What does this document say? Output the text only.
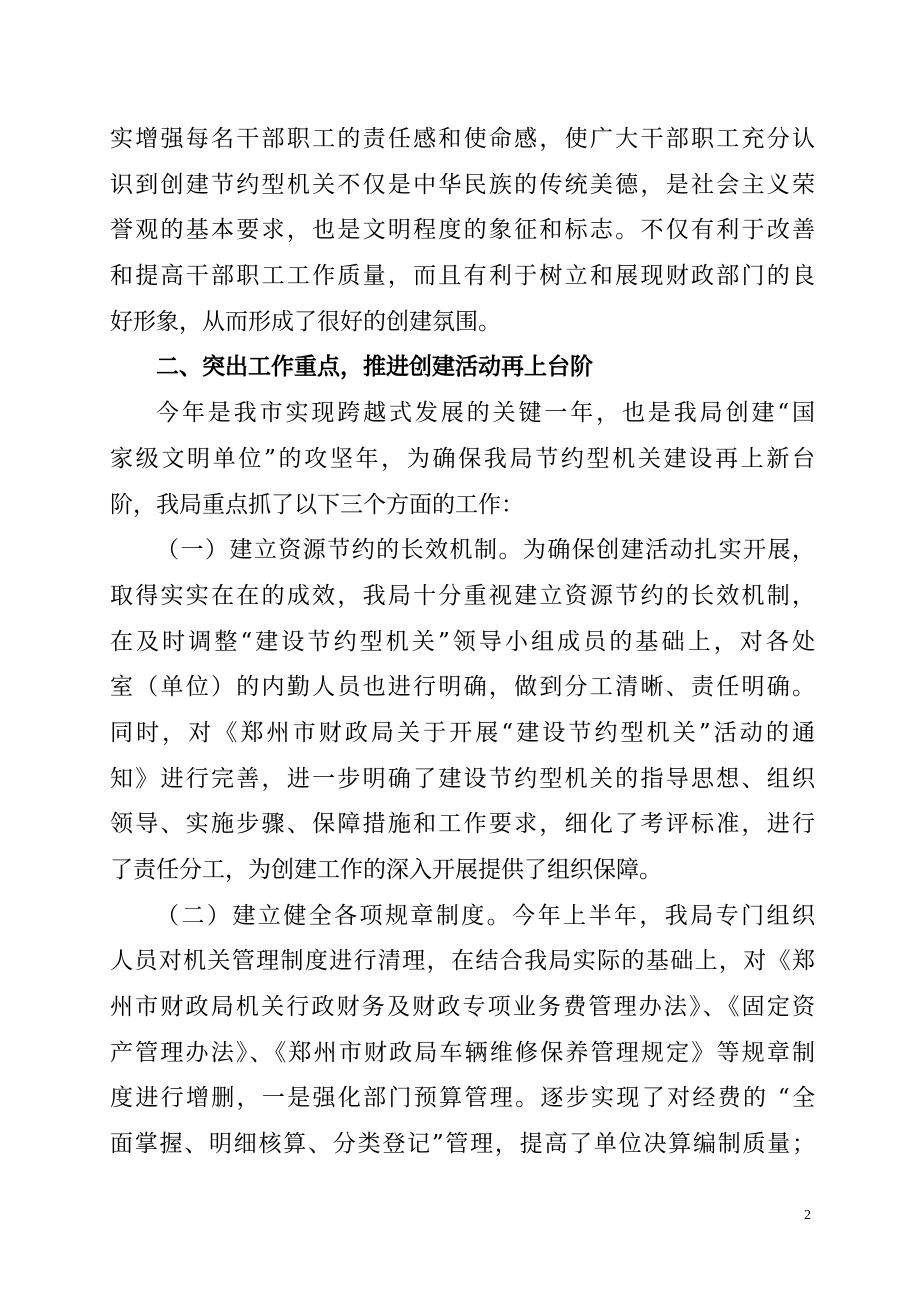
实增强每名干部职工的责任感和使命感，使广大干部职工充分认
识到创建节约型机关不仅是中华民族的传统美德，是社会主义荣
誉观的基本要求，也是文明程度的象征和标志。不仅有利于改善
和提高干部职工工作质量，而且有利于树立和展现财政部门的良
好形象，从而形成了很好的创建氛围。
二、突出工作重点，推进创建活动再上台阶
今年是我市实现跨越式发展的关键一年，也是我局创建“国
家级文明单位”的攻坚年，为确保我局节约型机关建设再上新台
阶，我局重点抓了以下三个方面的工作：
（一）建立资源节约的长效机制。为确保创建活动扎实开展，
取得实实在在的成效，我局十分重视建立资源节约的长效机制，
在及时调整“建设节约型机关”领导小组成员的基础上，对各处
室（单位）的内勤人员也进行明确，做到分工清晰、责任明确。
同时，对《郑州市财政局关于开展“建设节约型机关”活动的通
知》进行完善，进一步明确了建设节约型机关的指导思想、组织
领导、实施步骤、保障措施和工作要求，细化了考评标准，进行
了责任分工，为创建工作的深入开展提供了组织保障。
（二）建立健全各项规章制度。今年上半年，我局专门组织
人员对机关管理制度进行清理，在结合我局实际的基础上，对《郑
州市财政局机关行政财务及财政专项业务费管理办法》、《固定资
产管理办法》、《郑州市财政局车辆维修保养管理规定》等规章制
度进行增删，一是强化部门预算管理。逐步实现了对经费的 “全
面掌握、明细核算、分类登记”管理，提高了单位决算编制质量；
2
